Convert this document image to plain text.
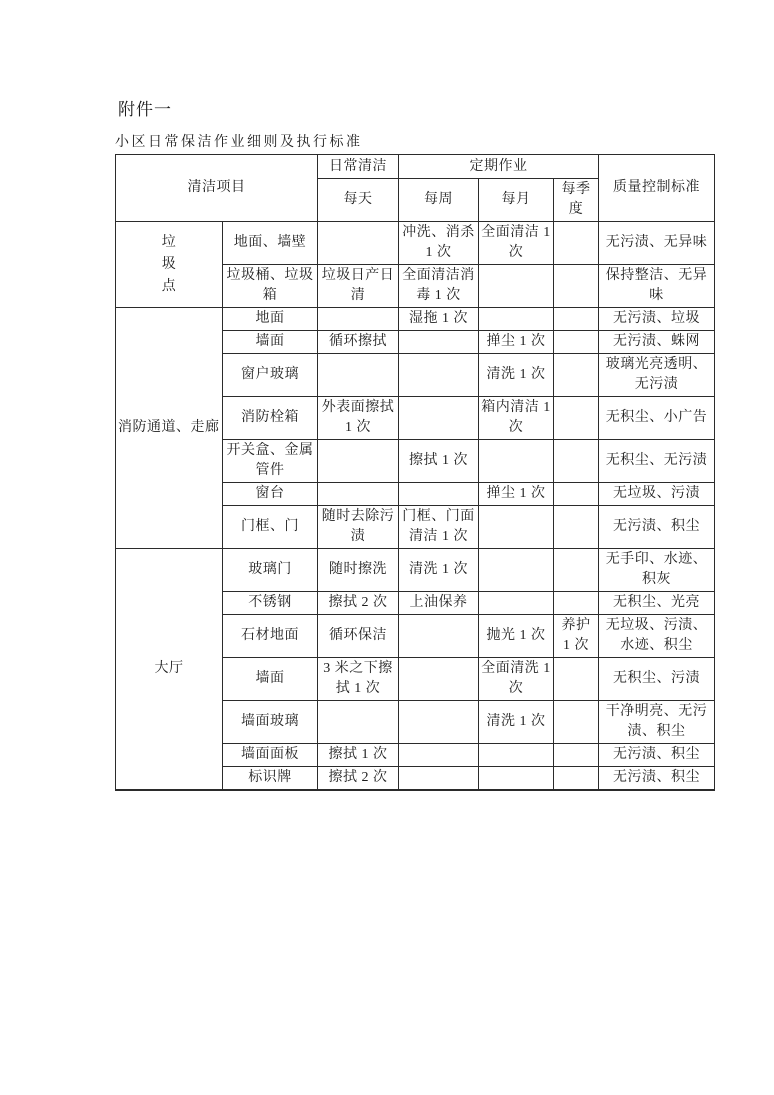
附件一
小区日常保洁作业细则及执行标准
清洁项目		日常清洁	定期作业			质量控制标准
		每天	每周	每月	每季度	
垃圾点	地面、墙壁		冲洗、消杀 1 次	全面清洁 1 次		无污渍、无异味
	垃圾桶、垃圾箱	垃圾日产日清	全面清洁消毒 1 次			保持整洁、无异味
消防通道、走廊	地面		湿拖 1 次			无污渍、垃圾
	墙面	循环擦拭		掸尘 1 次		无污渍、蛛网
	窗户玻璃			清洗 1 次		玻璃光亮透明、无污渍
	消防栓箱	外表面擦拭 1 次		箱内清洁 1 次		无积尘、小广告
	开关盒、金属管件		擦拭 1 次			无积尘、无污渍
	窗台			掸尘 1 次		无垃圾、污渍
	门框、门	随时去除污渍	门框、门面清洁 1 次			无污渍、积尘
大厅	玻璃门	随时擦洗	清洗 1 次			无手印、水迹、积灰
	不锈钢	擦拭 2 次	上油保养			无积尘、光亮
	石材地面	循环保洁		抛光 1 次	养护 1 次	无垃圾、污渍、水迹、积尘
	墙面	3 米之下擦拭 1 次		全面清洗 1 次		无积尘、污渍
	墙面玻璃			清洗 1 次		干净明亮、无污渍、积尘
	墙面面板	擦拭 1 次				无污渍、积尘
	标识牌	擦拭 2 次				无污渍、积尘
